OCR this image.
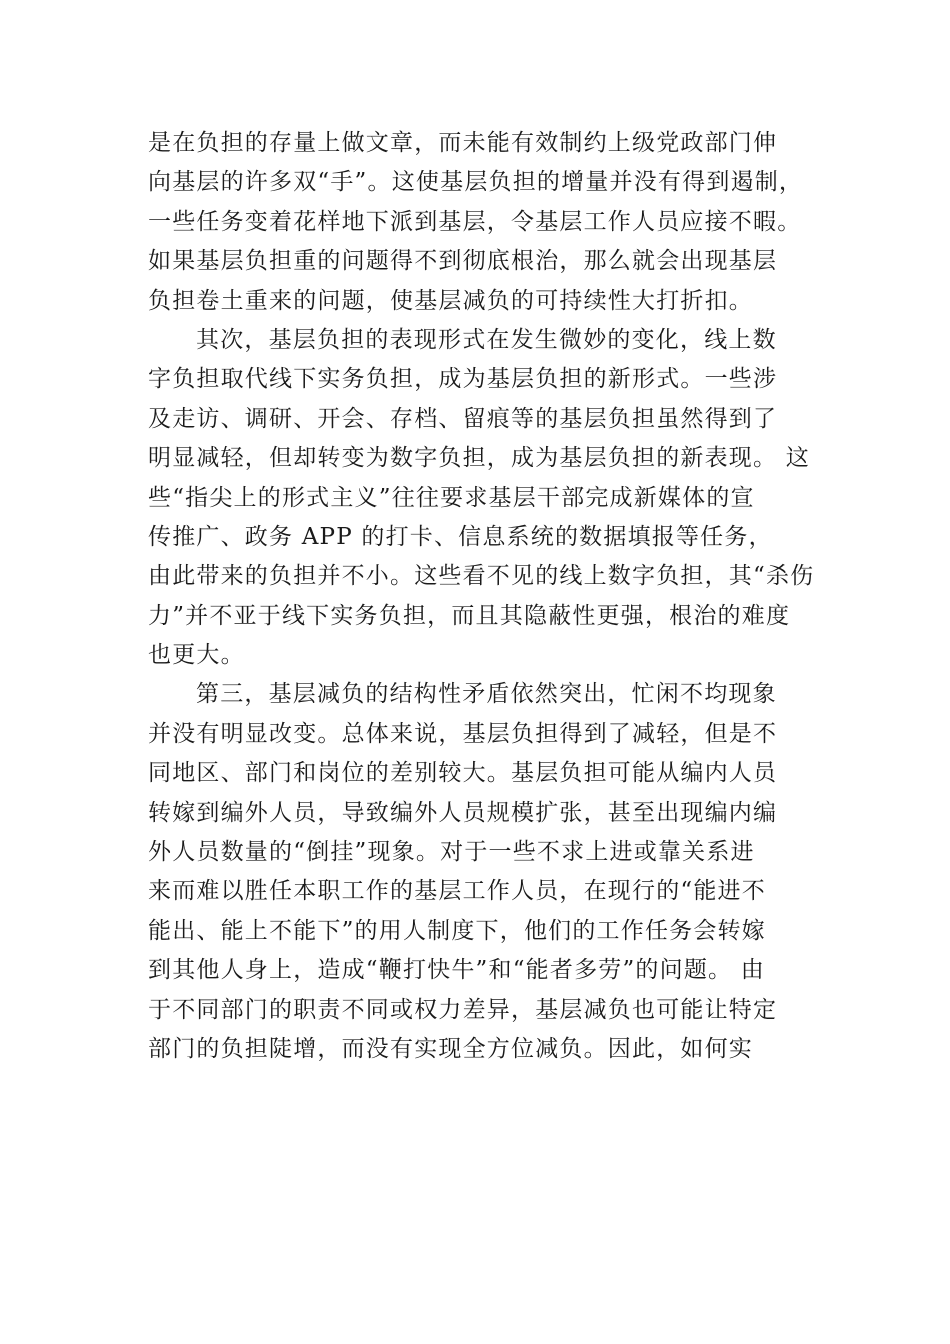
是在负担的存量上做文章，而未能有效制约上级党政部门伸
向基层的许多双“手”。这使基层负担的增量并没有得到遏制，
一些任务变着花样地下派到基层，令基层工作人员应接不暇。
如果基层负担重的问题得不到彻底根治，那么就会出现基层
负担卷土重来的问题，使基层减负的可持续性大打折扣。
其次，基层负担的表现形式在发生微妙的变化，线上数
字负担取代线下实务负担，成为基层负担的新形式。一些涉
及走访、调研、开会、存档、留痕等的基层负担虽然得到了
明显减轻，但却转变为数字负担，成为基层负担的新表现。 这
些“指尖上的形式主义”往往要求基层干部完成新媒体的宣
传推广、政务 APP 的打卡、信息系统的数据填报等任务，
由此带来的负担并不小。这些看不见的线上数字负担，其“杀伤
力”并不亚于线下实务负担，而且其隐蔽性更强，根治的难度
也更大。
第三，基层减负的结构性矛盾依然突出，忙闲不均现象
并没有明显改变。总体来说，基层负担得到了减轻，但是不
同地区、部门和岗位的差别较大。基层负担可能从编内人员
转嫁到编外人员，导致编外人员规模扩张，甚至出现编内编
外人员数量的“倒挂”现象。对于一些不求上进或靠关系进
来而难以胜任本职工作的基层工作人员，在现行的“能进不
能出、能上不能下”的用人制度下，他们的工作任务会转嫁
到其他人身上，造成“鞭打快牛”和“能者多劳”的问题。 由
于不同部门的职责不同或权力差异，基层减负也可能让特定
部门的负担陡增，而没有实现全方位减负。因此，如何实
